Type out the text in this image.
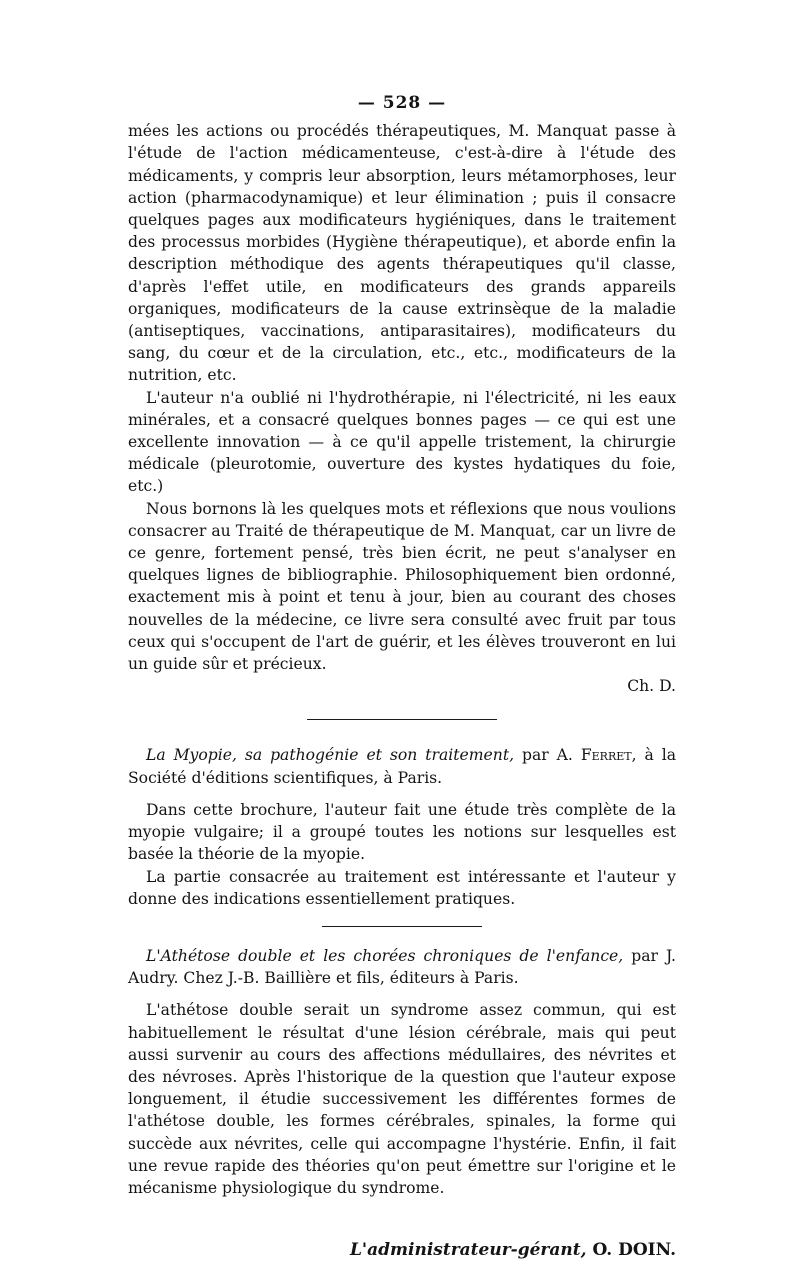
— 528 —

mées les actions ou procédés thérapeutiques, M. Manquat passe à l'étude de l'action médicamenteuse, c'est-à-dire à l'étude des médicaments, y compris leur absorption, leurs métamorphoses, leur action (pharmacodynamique) et leur élimination ; puis il consacre quelques pages aux modificateurs hygiéniques, dans le traitement des processus morbides (Hygiène thérapeutique), et aborde enfin la description méthodique des agents thérapeutiques qu'il classe, d'après l'effet utile, en modificateurs des grands appareils organiques, modificateurs de la cause extrinsèque de la maladie (antiseptiques, vaccinations, antiparasitaires), modificateurs du sang, du cœur et de la circulation, etc., etc., modificateurs de la nutrition, etc.

L'auteur n'a oublié ni l'hydrothérapie, ni l'électricité, ni les eaux minérales, et a consacré quelques bonnes pages — ce qui est une excellente innovation — à ce qu'il appelle tristement, la chirurgie médicale (pleurotomie, ouverture des kystes hydatiques du foie, etc.)

Nous bornons là les quelques mots et réflexions que nous voulions consacrer au Traité de thérapeutique de M. Manquat, car un livre de ce genre, fortement pensé, très bien écrit, ne peut s'analyser en quelques lignes de bibliographie. Philosophiquement bien ordonné, exactement mis à point et tenu à jour, bien au courant des choses nouvelles de la médecine, ce livre sera consulté avec fruit par tous ceux qui s'occupent de l'art de guérir, et les élèves trouveront en lui un guide sûr et précieux.

Ch. D.

La Myopie, sa pathogénie et son traitement, par A. Ferret, à la Société d'éditions scientifiques, à Paris.

Dans cette brochure, l'auteur fait une étude très complète de la myopie vulgaire; il a groupé toutes les notions sur lesquelles est basée la théorie de la myopie.

La partie consacrée au traitement est intéressante et l'auteur y donne des indications essentiellement pratiques.

L'Athétose double et les chorées chroniques de l'enfance, par J. Audry. Chez J.-B. Baillière et fils, éditeurs à Paris.

L'athétose double serait un syndrome assez commun, qui est habituellement le résultat d'une lésion cérébrale, mais qui peut aussi survenir au cours des affections médullaires, des névrites et des névroses. Après l'historique de la question que l'auteur expose longuement, il étudie successivement les différentes formes de l'athétose double, les formes cérébrales, spinales, la forme qui succède aux névrites, celle qui accompagne l'hystérie. Enfin, il fait une revue rapide des théories qu'on peut émettre sur l'origine et le mécanisme physiologique du syndrome.

L'administrateur-gérant, O. DOIN.
